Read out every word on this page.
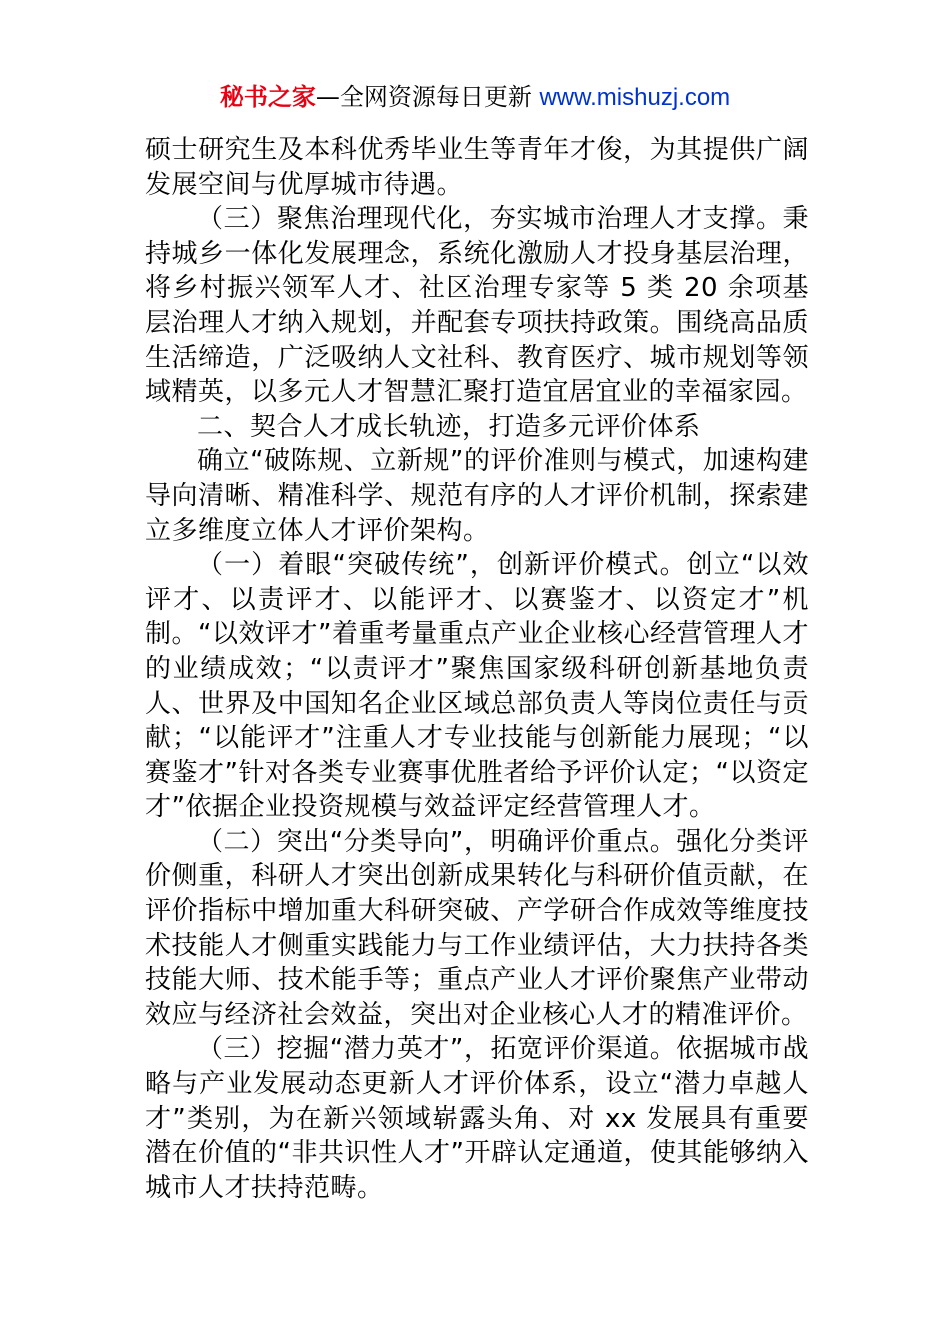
秘书之家—全网资源每日更新 www.mishuzj.com

硕士研究生及本科优秀毕业生等青年才俊，为其提供广阔发展空间与优厚城市待遇。

（三）聚焦治理现代化，夯实城市治理人才支撑。秉持城乡一体化发展理念，系统化激励人才投身基层治理，将乡村振兴领军人才、社区治理专家等 5 类 20 余项基层治理人才纳入规划，并配套专项扶持政策。围绕高品质生活缔造，广泛吸纳人文社科、教育医疗、城市规划等领域精英，以多元人才智慧汇聚打造宜居宜业的幸福家园。

二、契合人才成长轨迹，打造多元评价体系

确立“破陈规、立新规”的评价准则与模式，加速构建导向清晰、精准科学、规范有序的人才评价机制，探索建立多维度立体人才评价架构。

（一）着眼“突破传统”，创新评价模式。创立“以效评才、以责评才、以能评才、以赛鉴才、以资定才”机制。“以效评才”着重考量重点产业企业核心经营管理人才的业绩成效；“以责评才”聚焦国家级科研创新基地负责人、世界及中国知名企业区域总部负责人等岗位责任与贡献；“以能评才”注重人才专业技能与创新能力展现；“以赛鉴才”针对各类专业赛事优胜者给予评价认定；“以资定才”依据企业投资规模与效益评定经营管理人才。

（二）突出“分类导向”，明确评价重点。强化分类评价侧重，科研人才突出创新成果转化与科研价值贡献，在评价指标中增加重大科研突破、产学研合作成效等维度技术技能人才侧重实践能力与工作业绩评估，大力扶持各类技能大师、技术能手等；重点产业人才评价聚焦产业带动效应与经济社会效益，突出对企业核心人才的精准评价。

（三）挖掘“潜力英才”，拓宽评价渠道。依据城市战略与产业发展动态更新人才评价体系，设立“潜力卓越人才”类别，为在新兴领域崭露头角、对 xx 发展具有重要潜在价值的“非共识性人才”开辟认定通道，使其能够纳入城市人才扶持范畴。
